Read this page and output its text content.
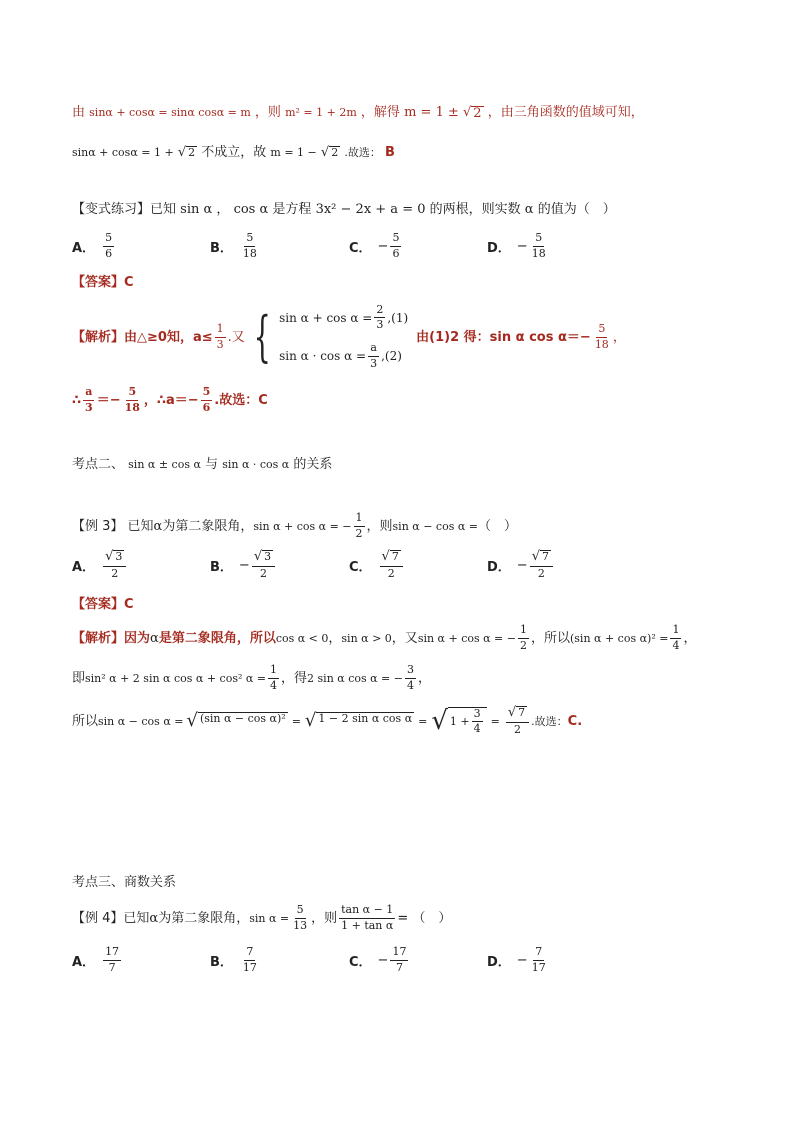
由 sinα + cosα = sinα cosα = m ，则 m² = 1 + 2m ，解得 m = 1 ± √ 2 ，由三角函数的值域可知，
sinα + cosα = 1 + √ 2 不成立，故 m = 1 − √ 2 .故选： B
【变式练习】已知 sin α ， cos α 是方程 3x² − 2x + a = 0 的两根，则实数 α 的值为（　）
A． $\frac{5}{6}$	B． $\frac{5}{18}$	C． − $\frac{5}{6}$	D． − $\frac{5}{18}$
【答案】C
【解析】 由△≥0知，$a\le \frac{1}{3}$ .又 { $\sin \alpha + \cos \alpha = \frac{2}{3} ,(1)$
$\sin \alpha \cdot \cos \alpha = \frac{a}{3} ,(2)$
由(1)2 得：sin α $\cos \alpha=- \frac{5}{18}$ ，
∴ $\frac{a}{3} =- \frac{5}{18}$ ，∴a＝− $\frac{5}{6}$ .故选：C
考点二、 sin α ± cos α 与 sin α · cos α 的关系
【例 3】 已知 α 为第二象限角， sin α + cos α = − $\frac{1}{2}$ ，则 sin α − cos α = （　）
A． $\frac{√ 3}{2}$	B． − $\frac{√ 3}{2}$	C． $\frac{√ 7}{2}$	D． − $\frac{√ 7}{2}$
【答案】C
【解析】 因为 α 是第二象限角，所以 cos α < 0 ， sin α > 0 ，又 sin α + cos α = − $\frac{1}{2}$ ，所以 (sin $\alpha + \cos \alpha)^2 = \frac{1}{4}$ ，
即 sin² α + 2 sin α cos α + cos² $\alpha = \frac{1}{4}$ ，得 2 sin α cos α = − $\frac{3}{4}$ ，
所以 sin α − cos α = √ (sin α − cos α)² = √ 1 − 2 sin α cos α = √ $1 + \frac{3}{4} = \frac{√ 7}{2}$ .故选： C.
考点三、商数关系
【例 4】已知 α 为第二象限角， $\sin \alpha = \frac{5}{13}$ ，则 $\frac{\text{tan α − 1}}{\text{1 + tan α}}$ = （　）
A． $\frac{17}{7}$	B． $\frac{7}{17}$	C． − $\frac{17}{7}$	D． − $\frac{7}{17}$
